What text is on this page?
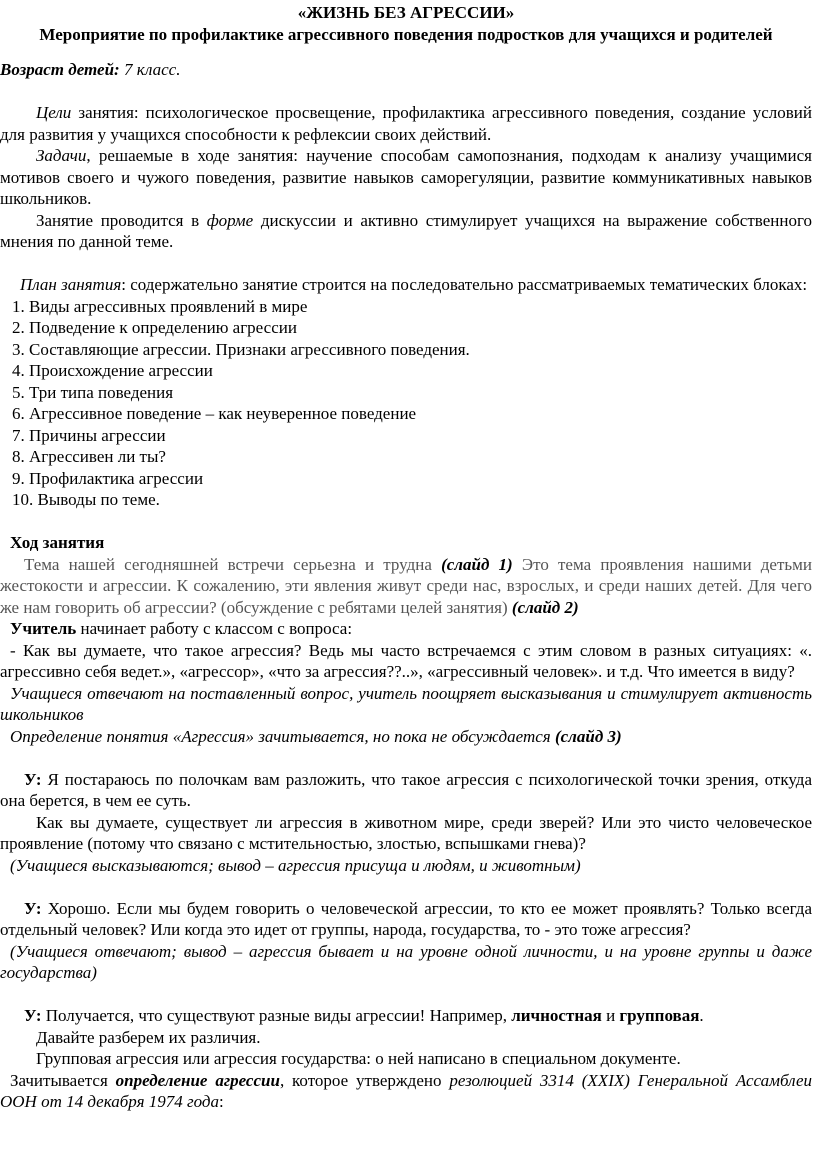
«ЖИЗНЬ БЕЗ АГРЕССИИ»

Мероприятие по профилактике агрессивного поведения подростков для учащихся и родителей

Возраст детей: 7 класс.

Цели занятия: психологическое просвещение, профилактика агрессивного поведения, создание условий для развития у учащихся способности к рефлексии своих действий.

Задачи, решаемые в ходе занятия: научение способам самопознания, подходам к анализу учащимися мотивов своего и чужого поведения, развитие навыков саморегуляции, развитие коммуникативных навыков школьников.

Занятие проводится в форме дискуссии и активно стимулирует учащихся на выражение собственного мнения по данной теме.

План занятия: содержательно занятие строится на последовательно рассматриваемых тематических блоках:

1. Виды агрессивных проявлений в мире

2. Подведение к определению агрессии

3. Составляющие агрессии. Признаки агрессивного поведения.

4. Происхождение агрессии

5. Три типа поведения

6. Агрессивное поведение – как неуверенное поведение

7. Причины агрессии

8. Агрессивен ли ты?

9. Профилактика агрессии

10. Выводы по теме.

Ход занятия

Тема нашей сегодняшней встречи серьезна и трудна (слайд 1) Это тема проявления нашими детьми жестокости и агрессии. К сожалению, эти явления живут среди нас, взрослых, и среди наших детей. Для чего же нам говорить об агрессии? (обсуждение с ребятами целей занятия) (слайд 2)

Учитель начинает работу с классом с вопроса:

- Как вы думаете, что такое агрессия? Ведь мы часто встречаемся с этим словом в разных ситуациях: «. агрессивно себя ведет.», «агрессор», «что за агрессия??..», «агрессивный человек». и т.д. Что имеется в виду?

Учащиеся отвечают на поставленный вопрос, учитель поощряет высказывания и стимулирует активность школьников

Определение понятия «Агрессия» зачитывается, но пока не обсуждается (слайд 3)

У: Я постараюсь по полочкам вам разложить, что такое агрессия с психологической точки зрения, откуда она берется, в чем ее суть.

Как вы думаете, существует ли агрессия в животном мире, среди зверей? Или это чисто человеческое проявление (потому что связано с мстительностью, злостью, вспышками гнева)?

(Учащиеся высказываются; вывод – агрессия присуща и людям, и животным)

У: Хорошо. Если мы будем говорить о человеческой агрессии, то кто ее может проявлять? Только всегда отдельный человек? Или когда это идет от группы, народа, государства, то - это тоже агрессия?

(Учащиеся отвечают; вывод – агрессия бывает и на уровне одной личности, и на уровне группы и даже государства)

У: Получается, что существуют разные виды агрессии! Например, личностная и групповая.

Давайте разберем их различия.

Групповая агрессия или агрессия государства: о ней написано в специальном документе.

Зачитывается определение агрессии, которое утверждено резолюцией 3314 (XXIX) Генеральной Ассамблеи ООН от 14 декабря 1974 года:
